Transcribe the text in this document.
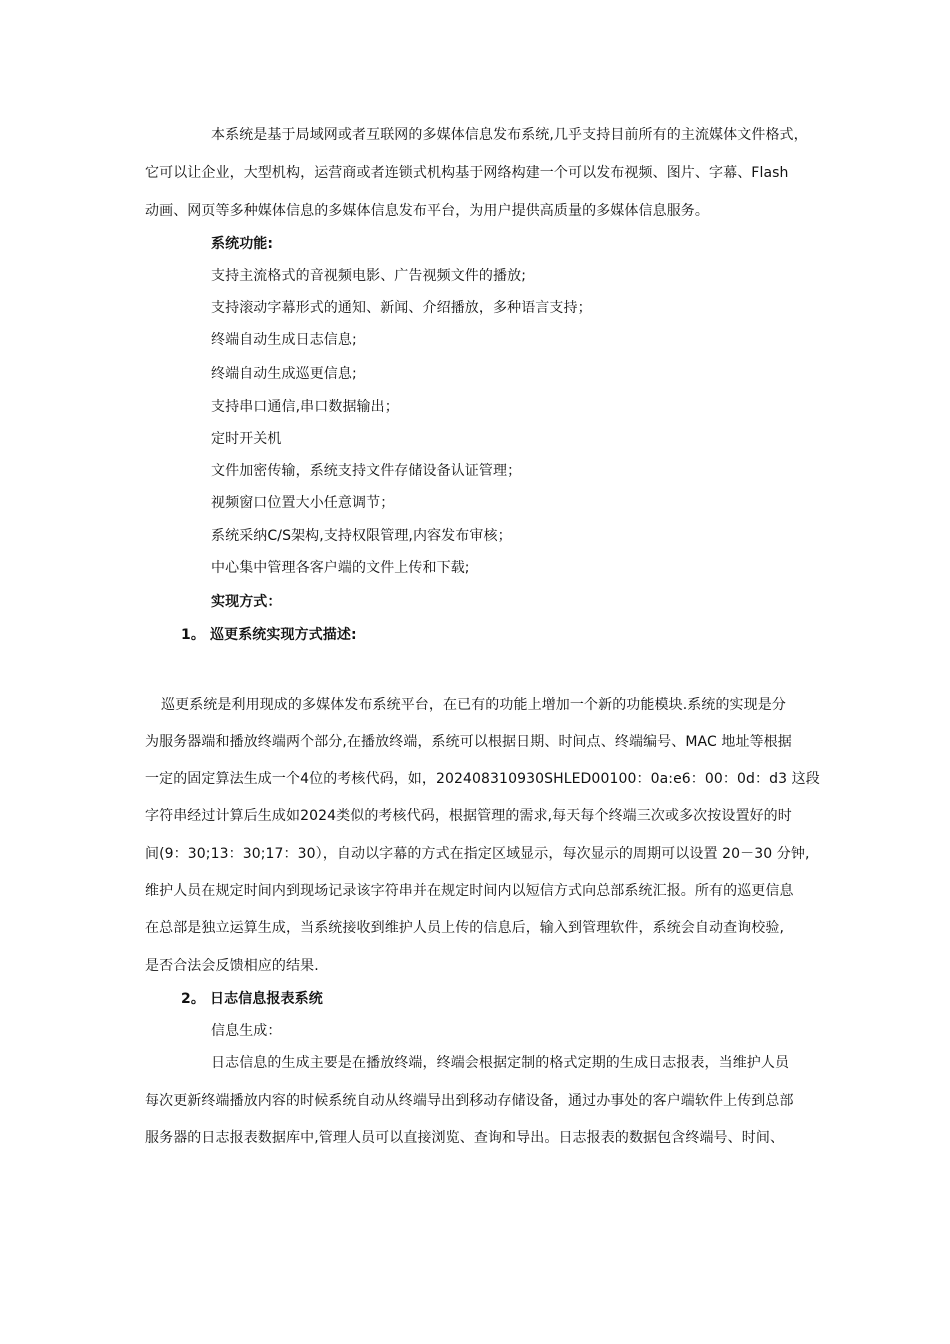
本系统是基于局域网或者互联网的多媒体信息发布系统,几乎支持目前所有的主流媒体文件格式，
它可以让企业，大型机构，运营商或者连锁式机构基于网络构建一个可以发布视频、图片、字幕、Flash
动画、网页等多种媒体信息的多媒体信息发布平台，为用户提供高质量的多媒体信息服务。
系统功能:
支持主流格式的音视频电影、广告视频文件的播放;
支持滚动字幕形式的通知、新闻、介绍播放，多种语言支持；
终端自动生成日志信息;
终端自动生成巡更信息;
支持串口通信,串口数据输出；
定时开关机
文件加密传输，系统支持文件存储设备认证管理；
视频窗口位置大小任意调节；
系统采纳C/S架构,支持权限管理,内容发布审核；
中心集中管理各客户端的文件上传和下载;
实现方式：
1。 巡更系统实现方式描述:
巡更系统是利用现成的多媒体发布系统平台，在已有的功能上增加一个新的功能模块.系统的实现是分
为服务器端和播放终端两个部分,在播放终端，系统可以根据日期、时间点、终端编号、MAC 地址等根据
一定的固定算法生成一个4位的考核代码，如，202408310930SHLED00100：0a:e6：00：0d：d3 这段
字符串经过计算后生成如2024类似的考核代码，根据管理的需求,每天每个终端三次或多次按设置好的时
间(9：30;13：30;17：30），自动以字幕的方式在指定区域显示，每次显示的周期可以设置 20－30 分钟,
维护人员在规定时间内到现场记录该字符串并在规定时间内以短信方式向总部系统汇报。所有的巡更信息
在总部是独立运算生成，当系统接收到维护人员上传的信息后，输入到管理软件，系统会自动查询校验,
是否合法会反馈相应的结果.
2。 日志信息报表系统
信息生成：
日志信息的生成主要是在播放终端，终端会根据定制的格式定期的生成日志报表，当维护人员
每次更新终端播放内容的时候系统自动从终端导出到移动存储设备，通过办事处的客户端软件上传到总部
服务器的日志报表数据库中,管理人员可以直接浏览、查询和导出。日志报表的数据包含终端号、时间、
